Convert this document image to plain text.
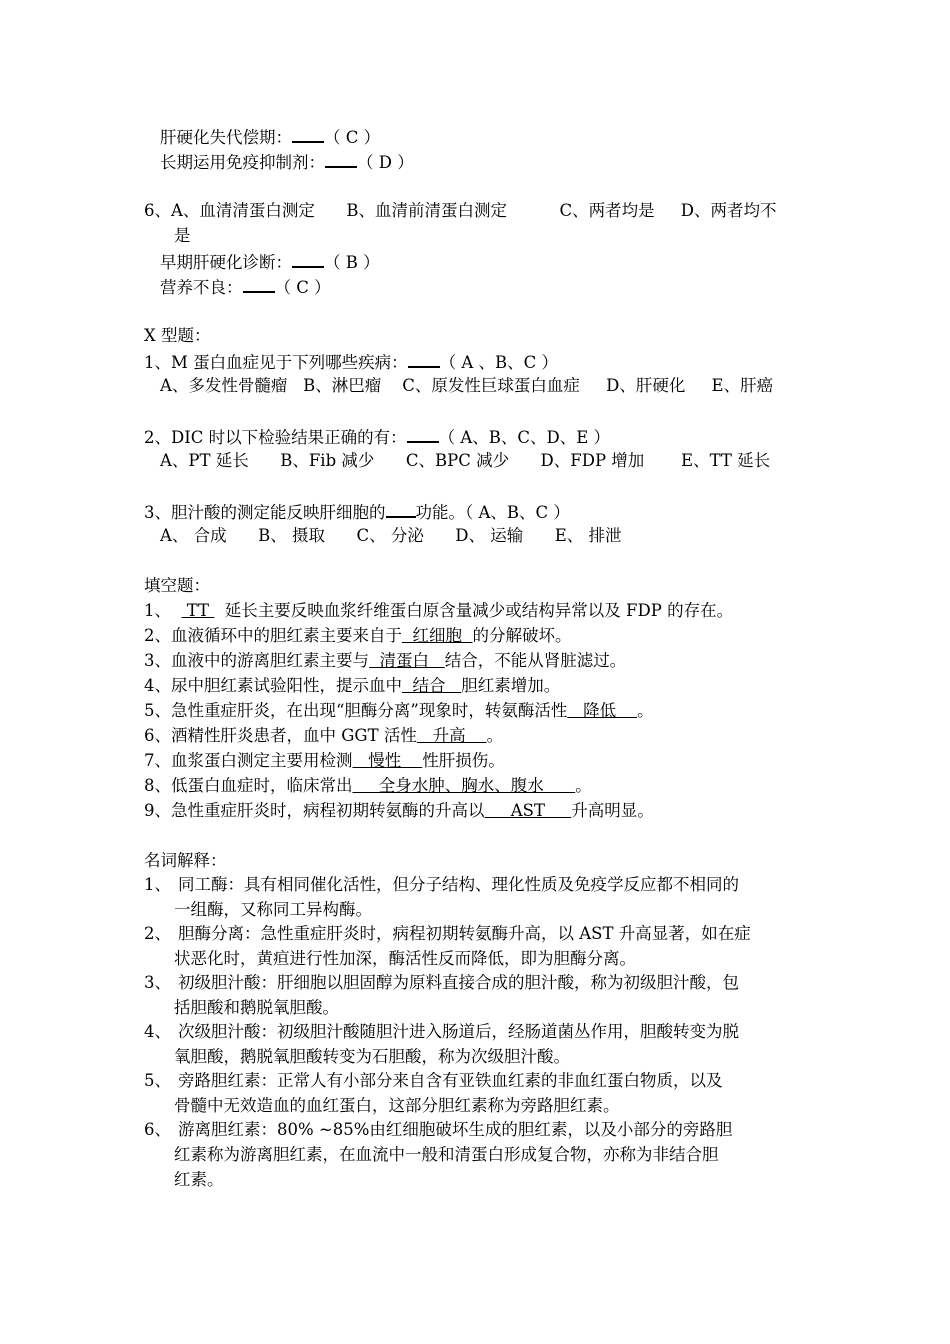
肝硬化失代偿期： （ C ）
长期运用免疫抑制剂： （ D ）
6、A、血清清蛋白测定      B、血清前清蛋白测定          C、两者均是     D、两者均不
是
早期肝硬化诊断： （ B ）
营养不良： （ C ）
X 型题：
1、M 蛋白血症见于下列哪些疾病： （ A 、B、C ）
A、多发性骨髓瘤   B、淋巴瘤    C、原发性巨球蛋白血症     D、肝硬化     E、肝癌
2、DIC 时以下检验结果正确的有： （ A、B、C、D、E ）
A、PT 延长      B、Fib 减少      C、BPC 减少      D、FDP 增加       E、TT 延长
3、胆汁酸的测定能反映肝细胞的 功能。（ A、B、C ）
A、 合成      B、 摄取      C、 分泌      D、 运输      E、 排泄
填空题：
1、   TT   延长主要反映血浆纤维蛋白原含量减少或结构异常以及 FDP 的存在。
2、血液循环中的胆红素主要来自于  红细胞  的分解破坏。
3、血液中的游离胆红素主要与  清蛋白   结合，不能从肾脏滤过。
4、尿中胆红素试验阳性，提示血中  结合   胆红素增加。
5、急性重症肝炎，在出现“胆酶分离”现象时，转氨酶活性   降低    。
6、酒精性肝炎患者，血中 GGT 活性   升高    。
7、血浆蛋白测定主要用检测   慢性    性肝损伤。
8、低蛋白血症时，临床常出     全身水肿、胸水、腹水      。
9、急性重症肝炎时，病程初期转氨酶的升高以     AST     升高明显。
名词解释：
1、 同工酶：具有相同催化活性，但分子结构、理化性质及免疫学反应都不相同的
一组酶，又称同工异构酶。
2、 胆酶分离：急性重症肝炎时，病程初期转氨酶升高，以 AST 升高显著，如在症
状恶化时，黄疸进行性加深，酶活性反而降低，即为胆酶分离。
3、 初级胆汁酸：肝细胞以胆固醇为原料直接合成的胆汁酸，称为初级胆汁酸，包
括胆酸和鹅脱氧胆酸。
4、 次级胆汁酸：初级胆汁酸随胆汁进入肠道后，经肠道菌丛作用，胆酸转变为脱
氧胆酸，鹅脱氧胆酸转变为石胆酸，称为次级胆汁酸。
5、 旁路胆红素：正常人有小部分来自含有亚铁血红素的非血红蛋白物质，以及
骨髓中无效造血的血红蛋白，这部分胆红素称为旁路胆红素。
6、 游离胆红素：80% ~85%由红细胞破坏生成的胆红素，以及小部分的旁路胆
红素称为游离胆红素，在血流中一般和清蛋白形成复合物，亦称为非结合胆
红素。
